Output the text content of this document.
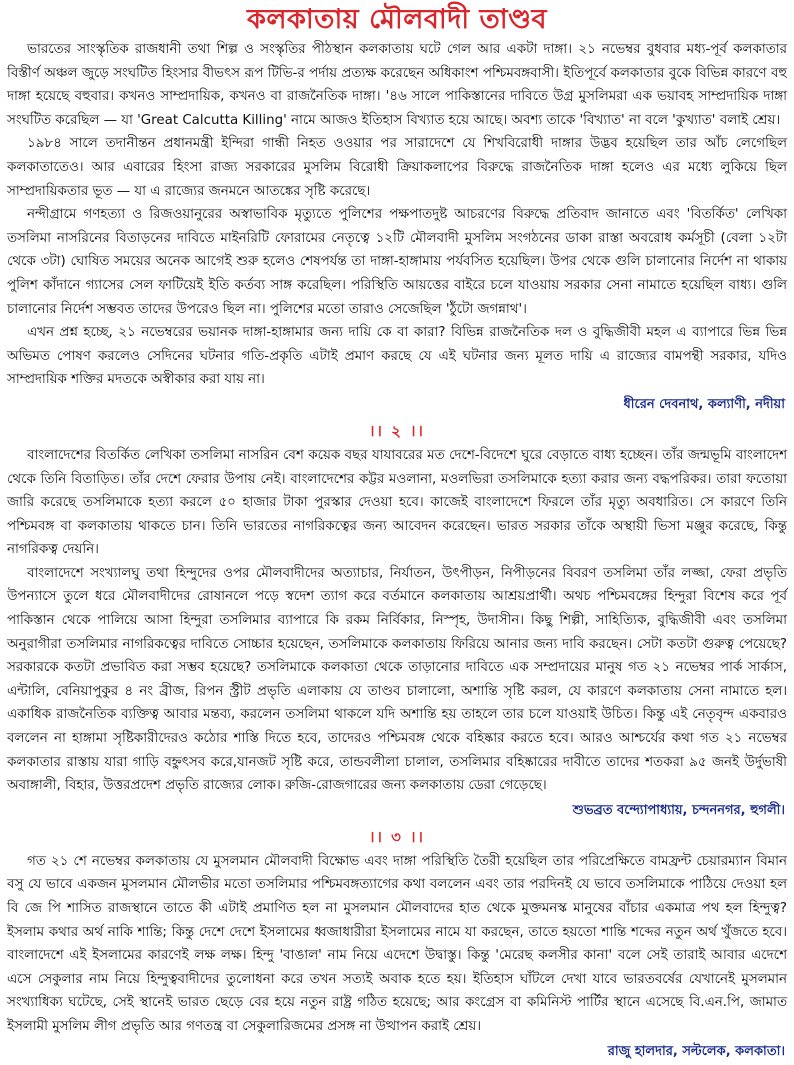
কলকাতায় মৌলবাদী তাণ্ডব

ভারতের সাংস্কৃতিক রাজধানী তথা শিল্প ও সংস্কৃতির পীঠস্থান কলকাতায় ঘটে গেল আর একটা দাঙ্গা। ২১ নভেম্বর বুধবার মধ্য-পূর্ব কলকাতার বিস্তীর্ণ অঞ্চল জুড়ে সংঘটিত হিংসার বীভৎস রূপ টিভি-র পর্দায় প্রত্যক্ষ করেছেন অধিকাংশ পশ্চিমবঙ্গবাসী। ইতিপূর্বে কলকাতার বুকে বিভিন্ন কারণে বহু দাঙ্গা হয়েছে বহুবার। কখনও সাম্প্রদায়িক, কখনও বা রাজনৈতিক দাঙ্গা। '৪৬ সালে পাকিস্তানের দাবিতে উগ্র মুসলিমরা এক ভয়াবহ সাম্প্রদায়িক দাঙ্গা সংঘটিত করেছিল — যা 'Great Calcutta Killing' নামে আজও ইতিহাস বিখ্যাত হয়ে আছে। অবশ্য তাকে 'বিখ্যাত' না বলে 'কুখ্যাত' বলাই শ্রেয়।

১৯৮৪ সালে তদানীন্তন প্রধানমন্ত্রী ইন্দিরা গান্ধী নিহত ওওয়ার পর সারাদেশে যে শিখবিরোধী দাঙ্গার উদ্ভব হয়েছিল তার আঁচ লেগেছিল কলকাতাতেও। আর এবারের হিংসা রাজ্য সরকারের মুসলিম বিরোধী ক্রিয়াকলাপের বিরুদ্ধে রাজনৈতিক দাঙ্গা হলেও এর মধ্যে লুকিয়ে ছিল সাম্প্রদায়িকতার ভূত — যা এ রাজ্যের জনমনে আতঙ্কের সৃষ্টি করেছে।

নন্দীগ্রামে গণহত্যা ও রিজওয়ানুরের অস্বাভাবিক মৃত্যুতে পুলিশের পক্ষপাতদুষ্ট আচরণের বিরুদ্ধে প্রতিবাদ জানাতে এবং 'বিতর্কিত' লেখিকা তসলিমা নাসরিনের বিতাড়নের দাবিতে মাইনরিটি ফোরামের নেতৃত্বে ১২টি মৌলবাদী মুসলিম সংগঠনের ডাকা রাস্তা অবরোধ কর্মসূচী (বেলা ১২টা থেকে ৩টা) ঘোষিত সময়ের অনেক আগেই শুরু হলেও শেষপর্যন্ত তা দাঙ্গা-হাঙ্গামায় পর্যবসিত হয়েছিল। উপর থেকে গুলি চালানোর নির্দেশ না থাকায় পুলিশ কাঁদানে গ্যাসের সেল ফাটিয়েই ইতি কর্তব্য সাঙ্গ করেছিল। পরিস্থিতি আয়ত্তের বাইরে চলে যাওয়ায় সরকার সেনা নামাতে হয়েছিল বাধ্য। গুলি চালানোর নির্দেশ সম্ভবত তাদের উপরেও ছিল না। পুলিশের মতো তারাও সেজেছিল 'ঠুঁটো জগন্নাথ'।

এখন প্রশ্ন হচ্ছে, ২১ নভেম্বরের ভয়ানক দাঙ্গা-হাঙ্গামার জন্য দায়ি কে বা কারা? বিভিন্ন রাজনৈতিক দল ও বুদ্ধিজীবী মহল এ ব্যাপারে ভিন্ন ভিন্ন অভিমত পোষণ করলেও সেদিনের ঘটনার গতি-প্রকৃতি এটাই প্রমাণ করছে যে এই ঘটনার জন্য মূলত দায়ি এ রাজ্যের বামপন্থী সরকার, যদিও সাম্প্রদায়িক শক্তির মদতকে অস্বীকার করা যায় না।

ধীরেন দেবনাথ, কল্যাণী, নদীয়া
।। ২ ।।

বাংলাদেশের বিতর্কিত লেখিকা তসলিমা নাসরিন বেশ কয়েক বছর যাযাবরের মত দেশে-বিদেশে ঘুরে বেড়াতে বাধ্য হচ্ছেন। তাঁর জন্মভূমি বাংলাদেশ থেকে তিনি বিতাড়িত। তাঁর দেশে ফেরার উপায় নেই। বাংলাদেশের কট্টর মওলানা, মওলভিরা তসলিমাকে হত্যা করার জন্য বদ্ধপরিকর। তারা ফতোয়া জারি করেছে তসলিমাকে হত্যা করলে ৫০ হাজার টাকা পুরস্কার দেওয়া হবে। কাজেই বাংলাদেশে ফিরলে তাঁর মৃত্যু অবধারিত। সে কারণে তিনি পশ্চিমবঙ্গ বা কলকাতায় থাকতে চান। তিনি ভারতের নাগরিকত্বের জন্য আবেদন করেছেন। ভারত সরকার তাঁকে অস্থায়ী ভিসা মঞ্জুর করেছে, কিন্তু নাগরিকত্ব দেয়নি।

বাংলাদেশে সংখ্যালঘু তথা হিন্দুদের ওপর মৌলবাদীদের অত্যাচার, নির্যাতন, উৎপীড়ন, নিপীড়নের বিবরণ তসলিমা তাঁর লজ্জা, ফেরা প্রভৃতি উপন্যাসে তুলে ধরে মৌলবাদীদের রোষানলে পড়ে স্বদেশ ত্যাগ করে বর্তমানে কলকাতায় আশ্রয়প্রার্থী। অথচ পশ্চিমবঙ্গের হিন্দুরা বিশেষ করে পূর্ব পাকিস্তান থেকে পালিয়ে আসা হিন্দুরা তসলিমার ব্যাপারে কি রকম নির্বিকার, নিস্পৃহ, উদাসীন। কিছু শিল্পী, সাহিত্যিক, বুদ্ধিজীবী এবং তসলিমা অনুরাগীরা তসলিমার নাগরিকত্বের দাবিতে সোচ্চার হয়েছেন, তসলিমাকে কলকাতায় ফিরিয়ে আনার জন্য দাবি করছেন। সেটা কতটা গুরুত্ব পেয়েছে? সরকারকে কতটা প্রভাবিত করা সম্ভব হয়েছে? তসলিমাকে কলকাতা থেকে তাড়ানোর দাবিতে এক সম্প্রদায়ের মানুষ গত ২১ নভেম্বর পার্ক সার্কাস, এন্টালি, বেনিয়াপুকুর ৪ নং ব্রীজ, রিপন স্ট্রীট প্রভৃতি এলাকায় যে তাণ্ডব চালালো, অশান্তি সৃষ্টি করল, যে কারণে কলকাতায় সেনা নামাতে হল। একাধিক রাজনৈতিক ব্যক্তিত্ব আবার মন্তব্য, করলেন তসলিমা থাকলে যদি অশান্তি হয় তাহলে তার চলে যাওয়াই উচিত। কিন্তু এই নেতৃবৃন্দ একবারও বললেন না হাঙ্গামা সৃষ্টিকারীদেরও কঠোর শাস্তি দিতে হবে, তাদেরও পশ্চিমবঙ্গ থেকে বহিষ্কার করতে হবে। আরও আশ্চর্যের কথা গত ২১ নভেম্বর কলকাতার রাস্তায় যারা গাড়ি বহ্নুৎসব করে,যানজট সৃষ্টি করে, তান্ডবলীলা চালাল, তসলিমার বহিষ্কারের দাবীতে তাদের শতকরা ৯৫ জনই উর্দুভাষী অবাঙ্গালী, বিহার, উত্তরপ্রদেশ প্রভৃতি রাজ্যের লোক। রুজি-রোজগারের জন্য কলকাতায় ডেরা গেড়েছে।

শুভব্রত বন্দ্যোপাধ্যায়, চন্দননগর, হুগলী।
।। ৩ ।।

গত ২১ শে নভেম্বর কলকাতায় যে মুসলমান মৌলবাদী বিক্ষোভ এবং দাঙ্গা পরিস্থিতি তৈরী হয়েছিল তার পরিপ্রেক্ষিতে বামফ্রন্ট চেয়ারম্যান বিমান বসু যে ভাবে একজন মুসলমান মৌলভীর মতো তসলিমার পশ্চিমবঙ্গত্যাগের কথা বললেন এবং তার পরদিনই যে ভাবে তসলিমাকে পাঠিয়ে দেওয়া হল বি জে পি শাসিত রাজস্থানে তাতে কী এটাই প্রমাণিত হল না মুসলমান মৌলবাদের হাত থেকে মুক্তমনস্ক মানুষের বাঁচার একমাত্র পথ হল হিন্দুত্ব? ইসলাম কথার অর্থ নাকি শান্তি; কিন্তু দেশে দেশে ইসলামের ধ্বজাধারীরা ইসলামের নামে যা করছেন, তাতে হয়তো শান্তি শব্দের নতুন অর্থ খুঁজতে হবে। বাংলাদেশে এই ইসলামের কারণেই লক্ষ লক্ষ। হিন্দু 'বাঙাল' নাম নিয়ে এদেশে উদ্বাস্তু। কিন্তু 'মেরেছ কলসীর কানা' বলে সেই তারাই আবার এদেশে এসে সেকুলার নাম নিয়ে হিন্দুত্ববাদীদের তুলোধনা করে তখন সত্যই অবাক হতে হয়। ইতিহাস ঘাঁটলে দেখা যাবে ভারতবর্ষের যেখানেই মুসলমান সংখ্যাধিক্য ঘটেছে, সেই স্থানেই ভারত ছেড়ে বের হয়ে নতুন রাষ্ট্র গঠিত হয়েছে; আর কংগ্রেস বা কমিনিস্ট পার্টির স্থানে এসেছে বি.এন.পি, জামাত ইসলামী মুসলিম লীগ প্রভৃতি আর গণতন্ত্র বা সেকুলারিজমের প্রসঙ্গ না উত্থাপন করাই শ্রেয়।

রাজু হালদার, সল্টলেক, কলকাতা।
